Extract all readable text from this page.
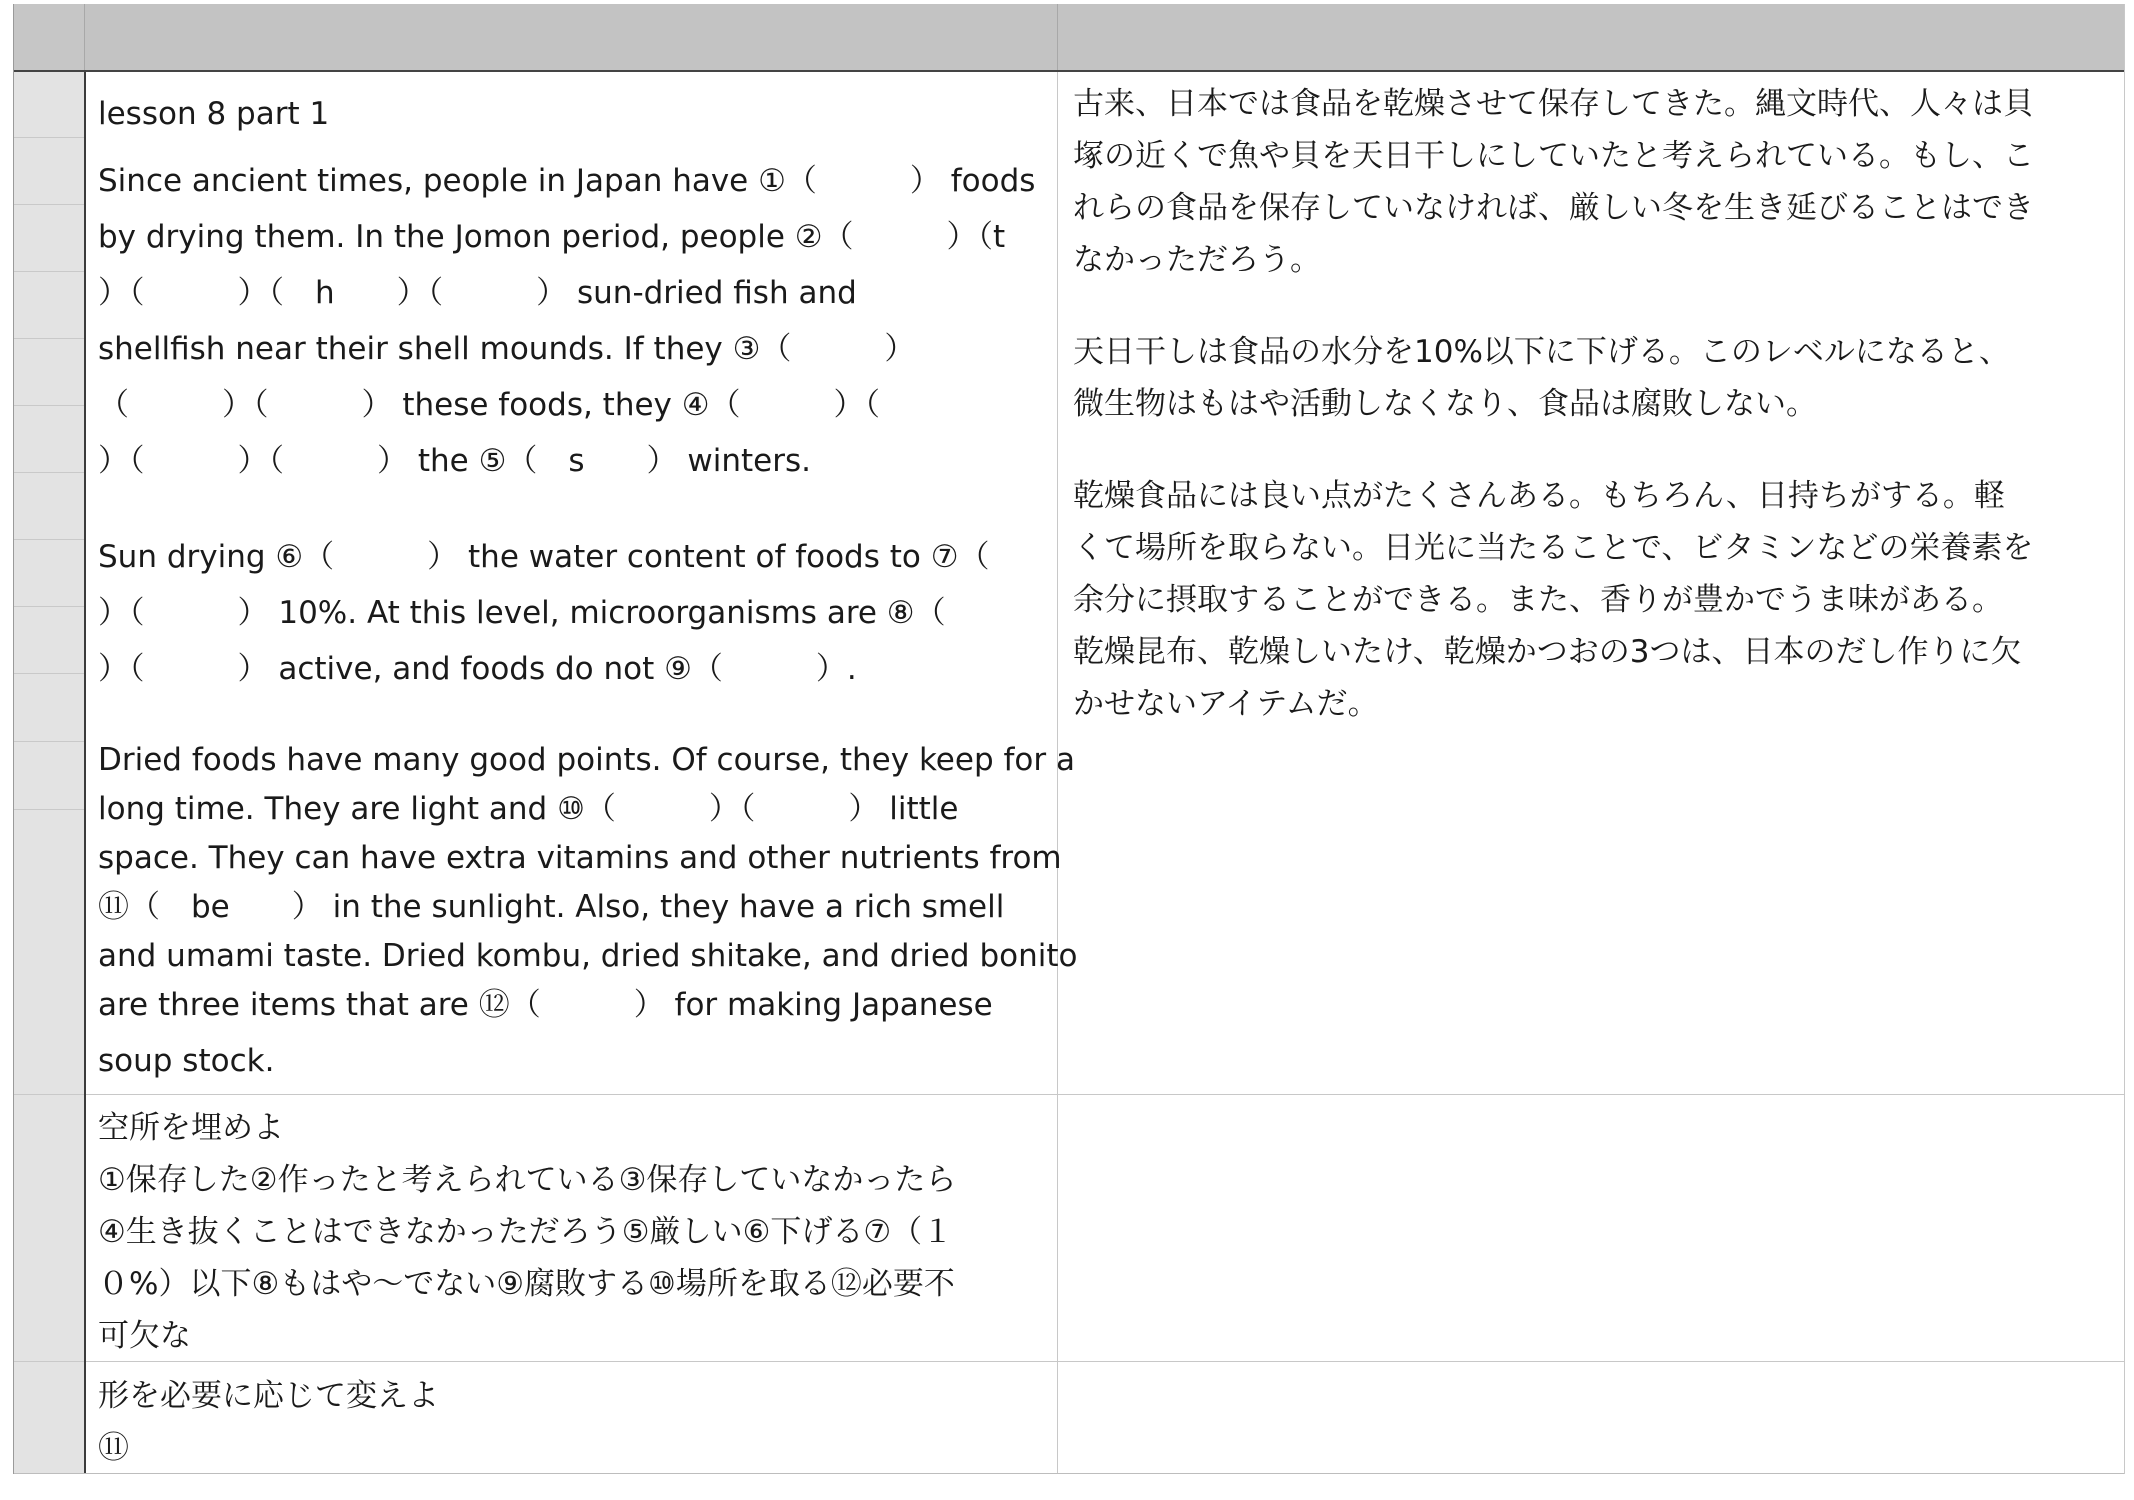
lesson 8 part 1
Since ancient times, people in Japan have ①（　　　） foods
by drying them. In the Jomon period, people ②（　　　）（t
）（　　　）（　h　　）（　　　） sun-dried fish and
shellfish near their shell mounds. If they ③（　　　）
（　　　）（　　　） these foods, they ④（　　　）（
）（　　　）（　　　） the ⑤（　s　　） winters.
Sun drying ⑥（　　　） the water content of foods to ⑦（
）（　　　） 10%. At this level, microorganisms are ⑧（
）（　　　） active, and foods do not ⑨（　　　）.
Dried foods have many good points. Of course, they keep for a
long time. They are light and ⑩（　　　）（　　　） little
space. They can have extra vitamins and other nutrients from
⑪（　be　　） in the sunlight. Also, they have a rich smell
and umami taste. Dried kombu, dried shitake, and dried bonito
are three items that are ⑫（　　　） for making Japanese
soup stock.
古来、日本では食品を乾燥させて保存してきた。縄文時代、人々は貝
塚の近くで魚や貝を天日干しにしていたと考えられている。もし、こ
れらの食品を保存していなければ、厳しい冬を生き延びることはでき
なかっただろう。
天日干しは食品の水分を10%以下に下げる。このレベルになると、
微生物はもはや活動しなくなり、食品は腐敗しない。
乾燥食品には良い点がたくさんある。もちろん、日持ちがする。軽
くて場所を取らない。日光に当たることで、ビタミンなどの栄養素を
余分に摂取することができる。また、香りが豊かでうま味がある。
乾燥昆布、乾燥しいたけ、乾燥かつおの3つは、日本のだし作りに欠
かせないアイテムだ。
空所を埋めよ
①保存した②作ったと考えられている③保存していなかったら
④生き抜くことはできなかっただろう⑤厳しい⑥下げる⑦（１
０%）以下⑧もはや〜でない⑨腐敗する⑩場所を取る⑫必要不
可欠な
形を必要に応じて変えよ
⑪
